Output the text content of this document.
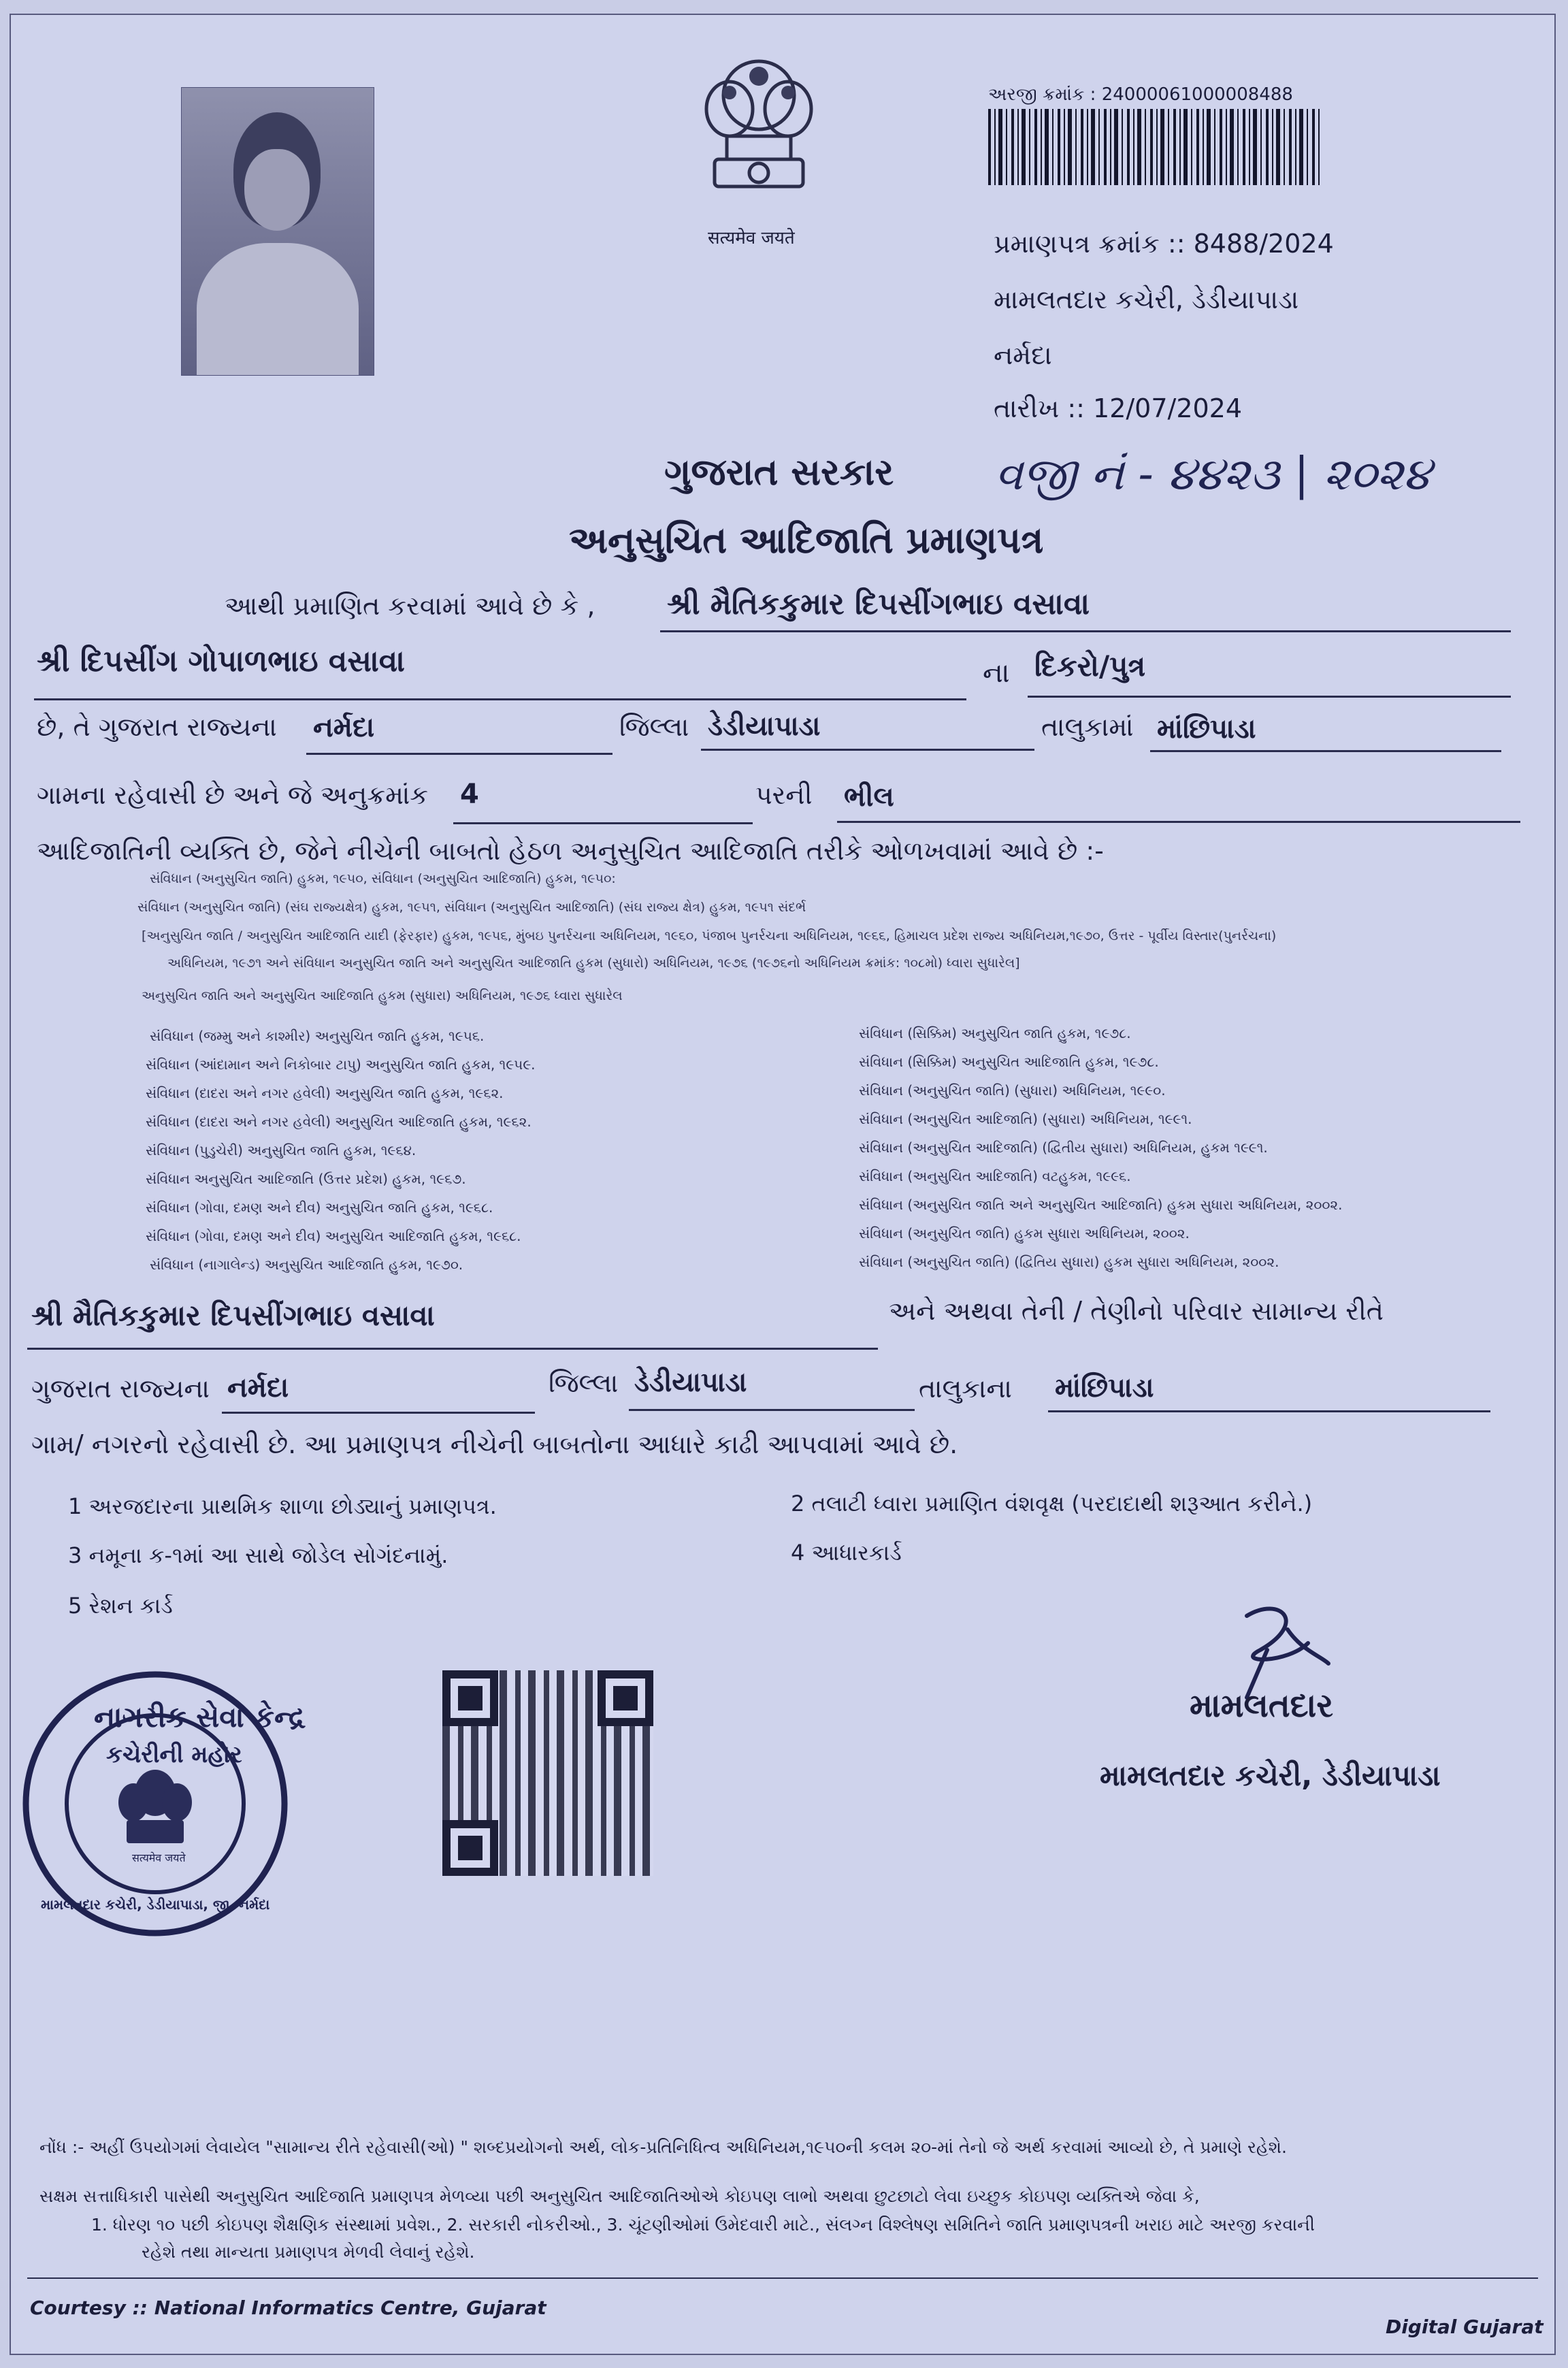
सत्यमेव जयते
અરજી ક્રમાંક : 24000061000008488
પ્રમાણપત્ર ક્રમાંક :: 8488/2024
મામલતદાર કચેરી, ડેડીયાપાડા
નર્મદા
તારીખ :: 12/07/2024
ગુજરાત સરકાર વજી નં - ૪૪૨૩ | ૨૦૨૪
અનુસુચિત આદિજાતિ પ્રમાણપત્ર
આથી પ્રમાણિત કરવામાં આવે છે કે , શ્રી મૈતિકકુમાર દિપસીંગભાઇ વસાવા
શ્રી દિપસીંગ ગોપાળભાઇ વસાવા	ના દિકરો/પુત્ર
છે, તે ગુજરાત રાજ્યના નર્મદા	જિલ્લા ડેડીયાપાડા	તાલુકામાં માંછિપાડા
ગામના રહેવાસી છે અને જે અનુક્રમાંક 4	પરની ભીલ
આદિજાતિની વ્યક્તિ છે, જેને નીચેની બાબતો હેઠળ અનુસુચિત આદિજાતિ તરીકે ઓળખવામાં આવે છે :-
સંવિધાન (અનુસુચિત જાતિ) હુકમ, ૧૯૫૦, સંવિધાન (અનુસુચિત આદિજાતિ) હુકમ, ૧૯૫૦:
સંવિધાન (અનુસુચિત જાતિ) (સંઘ રાજ્યક્ષેત્ર) હુકમ, ૧૯૫૧, સંવિધાન (અનુસુચિત આદિજાતિ) (સંઘ રાજ્ય ક્ષેત્ર) હુકમ, ૧૯૫૧ સંદર્ભ
[અનુસુચિત જાતિ / અનુસુચિત આદિજાતિ યાદી (ફેરફાર) હુકમ, ૧૯૫૬, મુંબઇ પુનર્રચના અધિનિયમ, ૧૯૬૦, પંજાબ પુનર્રચના અધિનિયમ, ૧૯૬૬, હિમાચલ પ્રદેશ રાજ્ય અધિનિયમ,૧૯૭૦, ઉત્તર - પૂર્વીય વિસ્તાર(પુનર્રચના)
અધિનિયમ, ૧૯૭૧ અને સંવિધાન અનુસુચિત જાતિ અને અનુસુચિત આદિજાતિ હુકમ (સુધારો) અધિનિયમ, ૧૯૭૬ (૧૯૭૬નો અધિનિયમ ક્રમાંક: ૧૦૮મો) ધ્વારા સુધારેલ]
અનુસુચિત જાતિ અને અનુસુચિત આદિજાતિ હુકમ (સુધારા) અધિનિયમ, ૧૯૭૬ ધ્વારા સુધારેલ
સંવિધાન (જમ્મુ અને કાશ્મીર) અનુસુચિત જાતિ હુકમ, ૧૯૫૬.
સંવિધાન (આંદામાન અને નિકોબાર ટાપુ) અનુસુચિત જાતિ હુકમ, ૧૯૫૯.
સંવિધાન (દાદરા અને નગર હવેલી) અનુસુચિત જાતિ હુકમ, ૧૯૬૨.
સંવિધાન (દાદરા અને નગર હવેલી) અનુસુચિત આદિજાતિ હુકમ, ૧૯૬૨.
સંવિધાન (પુડુચેરી) અનુસુચિત જાતિ હુકમ, ૧૯૬૪.
સંવિધાન અનુસુચિત આદિજાતિ (ઉત્તર પ્રદેશ) હુકમ, ૧૯૬૭.
સંવિધાન (ગોવા, દમણ અને દીવ) અનુસુચિત જાતિ હુકમ, ૧૯૬૮.
સંવિધાન (ગોવા, દમણ અને દીવ) અનુસુચિત આદિજાતિ હુકમ, ૧૯૬૮.
સંવિધાન (નાગાલેન્ડ) અનુસુચિત આદિજાતિ હુકમ, ૧૯૭૦.
સંવિધાન (સિક્કિમ) અનુસુચિત જાતિ હુકમ, ૧૯૭૮.
સંવિધાન (સિક્કિમ) અનુસુચિત આદિજાતિ હુકમ, ૧૯૭૮.
સંવિધાન (અનુસુચિત જાતિ) (સુધારા) અધિનિયમ, ૧૯૯૦.
સંવિધાન (અનુસુચિત આદિજાતિ) (સુધારા) અધિનિયમ, ૧૯૯૧.
સંવિધાન (અનુસુચિત આદિજાતિ) (દ્વિતીય સુધારા) અધિનિયમ, હુકમ ૧૯૯૧.
સંવિધાન (અનુસુચિત આદિજાતિ) વટહુકમ, ૧૯૯૬.
સંવિધાન (અનુસુચિત જાતિ અને અનુસુચિત આદિજાતિ) હુકમ સુધારા અધિનિયમ, ૨૦૦૨.
સંવિધાન (અનુસુચિત જાતિ) હુકમ સુધારા અધિનિયમ, ૨૦૦૨.
સંવિધાન (અનુસુચિત જાતિ) (દ્વિતિય સુધારા) હુકમ સુધારા અધિનિયમ, ૨૦૦૨.
શ્રી મૈતિકકુમાર દિપસીંગભાઇ વસાવા	અને અથવા તેની / તેણીનો પરિવાર સામાન્ય રીતે
ગુજરાત રાજ્યના નર્મદા	જિલ્લા ડેડીયાપાડા	તાલુકાના માંછિપાડા
ગામ/ નગરનો રહેવાસી છે. આ પ્રમાણપત્ર નીચેની બાબતોના આધારે કાઢી આપવામાં આવે છે.
1 અરજદારના પ્રાથમિક શાળા છોડ્યાનું પ્રમાણપત્ર.	2 તલાટી ધ્વારા પ્રમાણિત વંશવૃક્ષ (પરદાદાથી શરૂઆત કરીને.)
3 નમૂના ક-૧માં આ સાથે જોડેલ સોગંદનામું.	4 આધારકાર્ડ
5 રેશન કાર્ડ
નાગરીક સેવા કેન્દ્ર
કચેરીની મહોર
सत्यमेव जयते
મામલતદાર કચેરી, ડેડીયાપાડા, જી. નર્મદા
મામલતદાર
મામલતદાર કચેરી, ડેડીયાપાડા
નોંધ :- અહીં ઉપયોગમાં લેવાયેલ "સામાન્ય રીતે રહેવાસી(ઓ) " શબ્દપ્રયોગનો અર્થ, લોક-પ્રતિનિધિત્વ અધિનિયમ,૧૯૫૦ની કલમ ૨૦-માં તેનો જે અર્થ કરવામાં આવ્યો છે, તે પ્રમાણે રહેશે.
સક્ષમ સત્તાધિકારી પાસેથી અનુસુચિત આદિજાતિ પ્રમાણપત્ર મેળવ્યા પછી અનુસુચિત આદિજાતિઓએ કોઇપણ લાભો અથવા છુટછાટો લેવા ઇચ્છુક કોઇપણ વ્યક્તિએ જેવા કે,
1. ધોરણ ૧૦ પછી કોઇપણ શૈક્ષણિક સંસ્થામાં પ્રવેશ., 2. સરકારી નોકરીઓ., 3. ચૂંટણીઓમાં ઉમેદવારી માટે., સંલગ્ન વિશ્લેષણ સમિતિને જાતિ પ્રમાણપત્રની ખરાઇ માટે અરજી કરવાની
રહેશે તથા માન્યતા પ્રમાણપત્ર મેળવી લેવાનું રહેશે.
Courtesy :: National Informatics Centre, Gujarat
Digital Gujarat
